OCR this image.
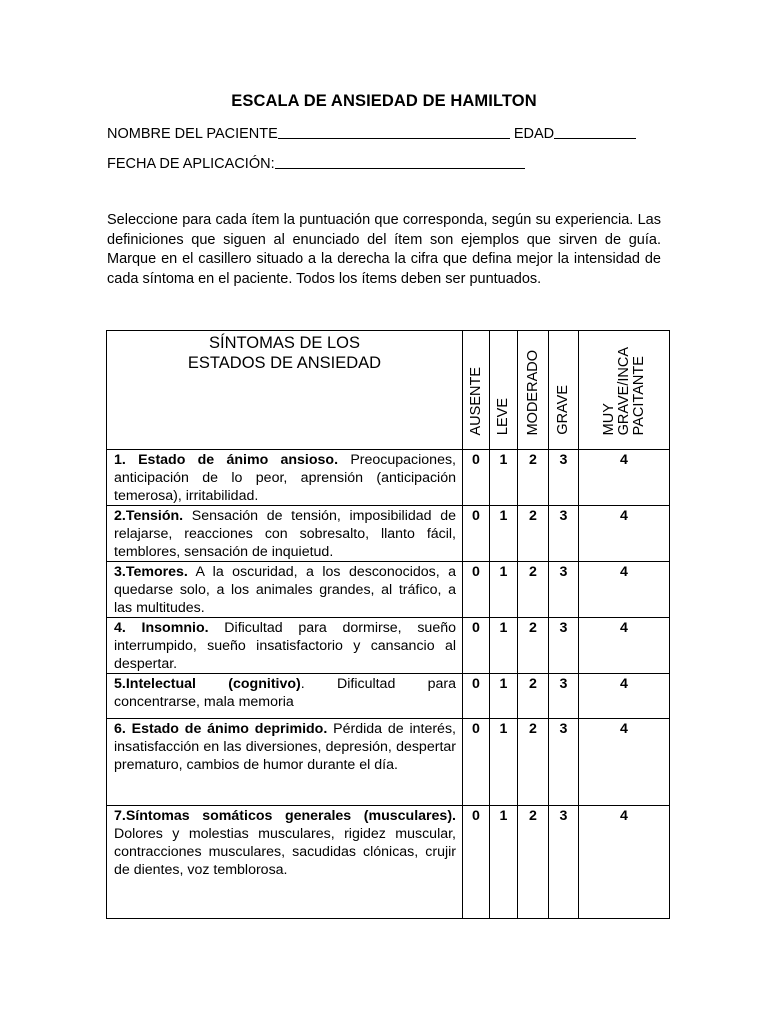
ESCALA DE ANSIEDAD DE HAMILTON
NOMBRE DEL PACIENTE	EDAD
FECHA DE APLICACIÓN:
Seleccione para cada ítem la puntuación que corresponda, según su experiencia. Las definiciones que siguen al enunciado del ítem son ejemplos que sirven de guía. Marque en el casillero situado a la derecha la cifra que defina mejor la intensidad de cada síntoma en el paciente. Todos los ítems deben ser puntuados.
SÍNTOMAS DE LOS ESTADOS DE ANSIEDAD	AUSENTE	LEVE	MODERADO	GRAVE	MUY GRAVE/INCA PACITANTE

1. Estado de ánimo ansioso. Preocupaciones, anticipación de lo peor, aprensión (anticipación temerosa), irritabilidad.	0	1	2	3	4
2.Tensión. Sensación de tensión, imposibilidad de relajarse, reacciones con sobresalto, llanto fácil, temblores, sensación de inquietud.	0	1	2	3	4
3.Temores. A la oscuridad, a los desconocidos, a quedarse solo, a los animales grandes, al tráfico, a las multitudes.	0	1	2	3	4
4. Insomnio. Dificultad para dormirse, sueño interrumpido, sueño insatisfactorio y cansancio al despertar.	0	1	2	3	4
5.Intelectual (cognitivo). Dificultad para concentrarse, mala memoria	0	1	2	3	4
6. Estado de ánimo deprimido. Pérdida de interés, insatisfacción en las diversiones, depresión, despertar prematuro, cambios de humor durante el día.	0	1	2	3	4
7.Síntomas somáticos generales (musculares). Dolores y molestias musculares, rigidez muscular, contracciones musculares, sacudidas clónicas, crujir de dientes, voz temblorosa.	0	1	2	3	4
